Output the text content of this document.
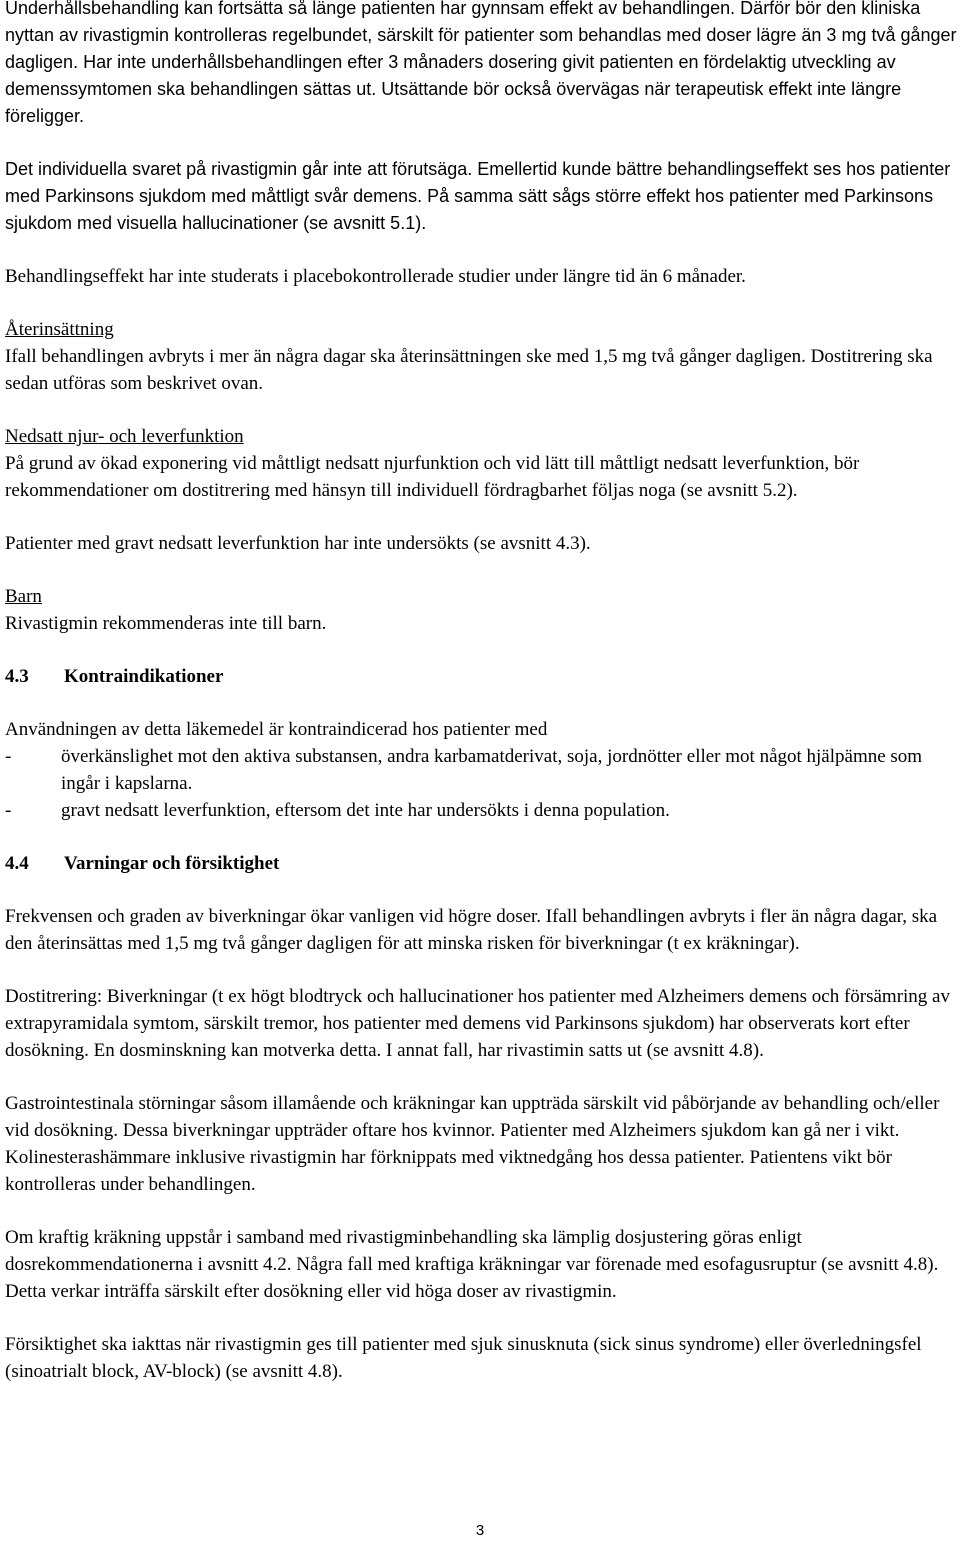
Underhållsbehandling kan fortsätta så länge patienten har gynnsam effekt av behandlingen. Därför bör den kliniska nyttan av rivastigmin kontrolleras regelbundet, särskilt för patienter som behandlas med doser lägre än 3 mg två gånger dagligen. Har inte underhållsbehandlingen efter 3 månaders dosering givit patienten en fördelaktig utveckling av demenssymtomen ska behandlingen sättas ut. Utsättande bör också övervägas när terapeutisk effekt inte längre föreligger.

Det individuella svaret på rivastigmin går inte att förutsäga. Emellertid kunde bättre behandlingseffekt ses hos patienter med Parkinsons sjukdom med måttligt svår demens. På samma sätt sågs större effekt hos patienter med Parkinsons sjukdom med visuella hallucinationer (se avsnitt 5.1).

Behandlingseffekt har inte studerats i placebokontrollerade studier under längre tid än 6 månader.

Återinsättning
Ifall behandlingen avbryts i mer än några dagar ska återinsättningen ske med 1,5 mg två gånger dagligen. Dostitrering ska sedan utföras som beskrivet ovan.

Nedsatt njur- och leverfunktion
På grund av ökad exponering vid måttligt nedsatt njurfunktion och vid lätt till måttligt nedsatt leverfunktion, bör rekommendationer om dostitrering med hänsyn till individuell fördragbarhet följas noga (se avsnitt 5.2).

Patienter med gravt nedsatt leverfunktion har inte undersökts (se avsnitt 4.3).

Barn
Rivastigmin rekommenderas inte till barn.

4.3 Kontraindikationer
Användningen av detta läkemedel är kontraindicerad hos patienter med
-	överkänslighet mot den aktiva substansen, andra karbamatderivat, soja, jordnötter eller mot något hjälpämne som ingår i kapslarna.
-	gravt nedsatt leverfunktion, eftersom det inte har undersökts i denna population.
4.4 Varningar och försiktighet

Frekvensen och graden av biverkningar ökar vanligen vid högre doser. Ifall behandlingen avbryts i fler än några dagar, ska den återinsättas med 1,5 mg två gånger dagligen för att minska risken för biverkningar (t ex kräkningar).

Dostitrering: Biverkningar (t ex högt blodtryck och hallucinationer hos patienter med Alzheimers demens och försämring av extrapyramidala symtom, särskilt tremor, hos patienter med demens vid Parkinsons sjukdom) har observerats kort efter dosökning. En dosminskning kan motverka detta. I annat fall, har rivastimin satts ut (se avsnitt 4.8).

Gastrointestinala störningar såsom illamående och kräkningar kan uppträda särskilt vid påbörjande av behandling och/eller vid dosökning. Dessa biverkningar uppträder oftare hos kvinnor. Patienter med Alzheimers sjukdom kan gå ner i vikt. Kolinesterashämmare inklusive rivastigmin har förknippats med viktnedgång hos dessa patienter. Patientens vikt bör kontrolleras under behandlingen.

Om kraftig kräkning uppstår i samband med rivastigminbehandling ska lämplig dosjustering göras enligt dosrekommendationerna i avsnitt 4.2. Några fall med kraftiga kräkningar var förenade med esofagusruptur (se avsnitt 4.8). Detta verkar inträffa särskilt efter dosökning eller vid höga doser av rivastigmin.

Försiktighet ska iakttas när rivastigmin ges till patienter med sjuk sinusknuta (sick sinus syndrome) eller överledningsfel (sinoatrialt block, AV-block) (se avsnitt 4.8).

3
